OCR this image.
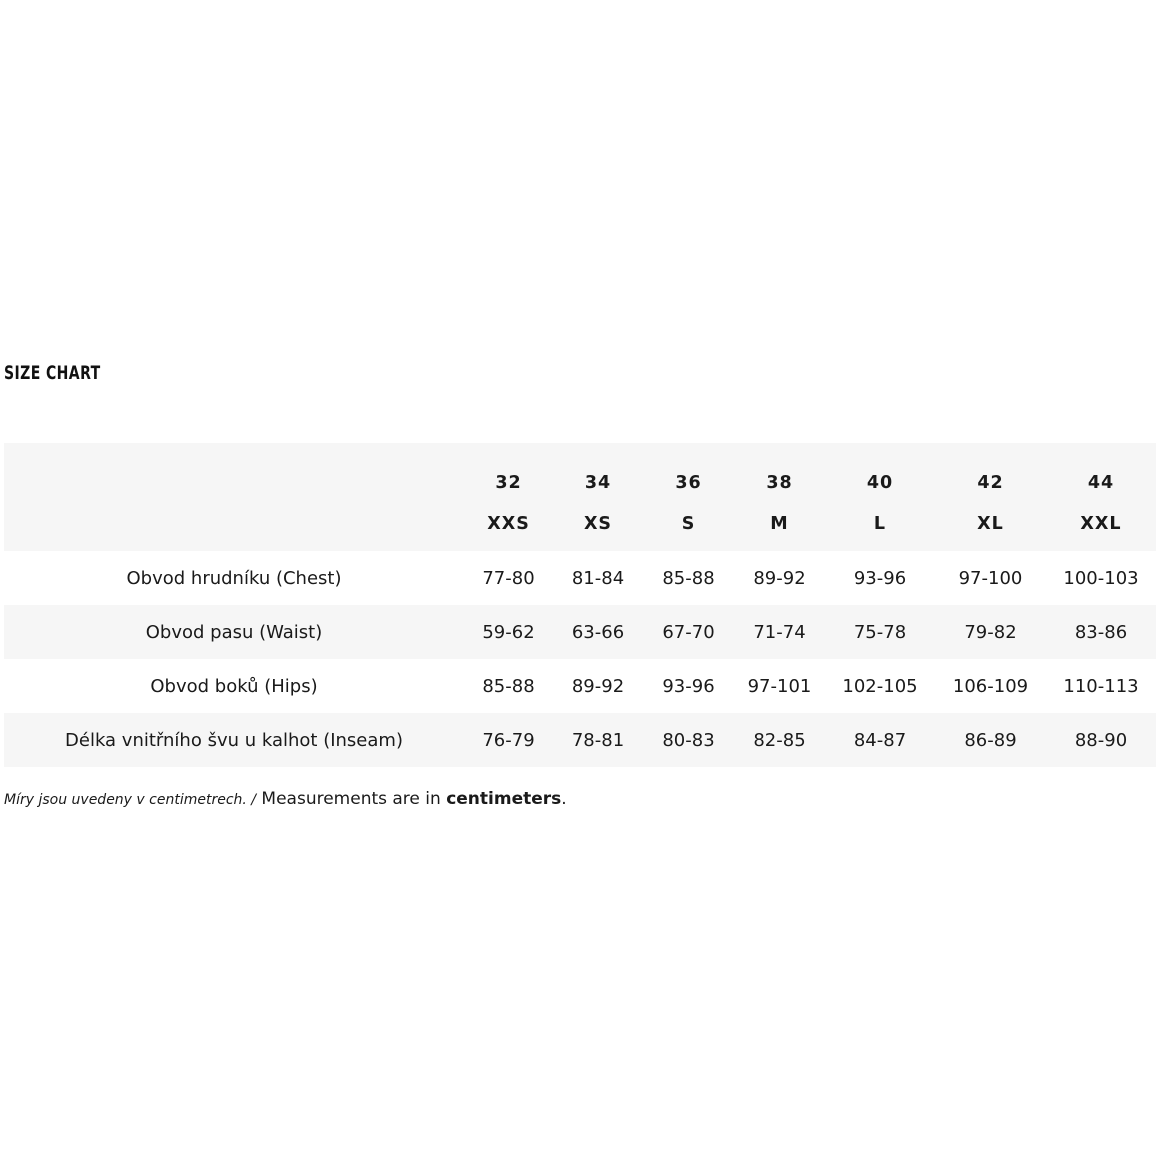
SIZE CHART
	32	34	36	38	40	42	44
	XXS	XS	S	M	L	XL	XXL
Obvod hrudníku (Chest)	77-80	81-84	85-88	89-92	93-96	97-100	100-103
Obvod pasu (Waist)	59-62	63-66	67-70	71-74	75-78	79-82	83-86
Obvod boků (Hips)	85-88	89-92	93-96	97-101	102-105	106-109	110-113
Délka vnitřního švu u kalhot (Inseam)	76-79	78-81	80-83	82-85	84-87	86-89	88-90
Míry jsou uvedeny v centimetrech. / Measurements are in centimeters.
